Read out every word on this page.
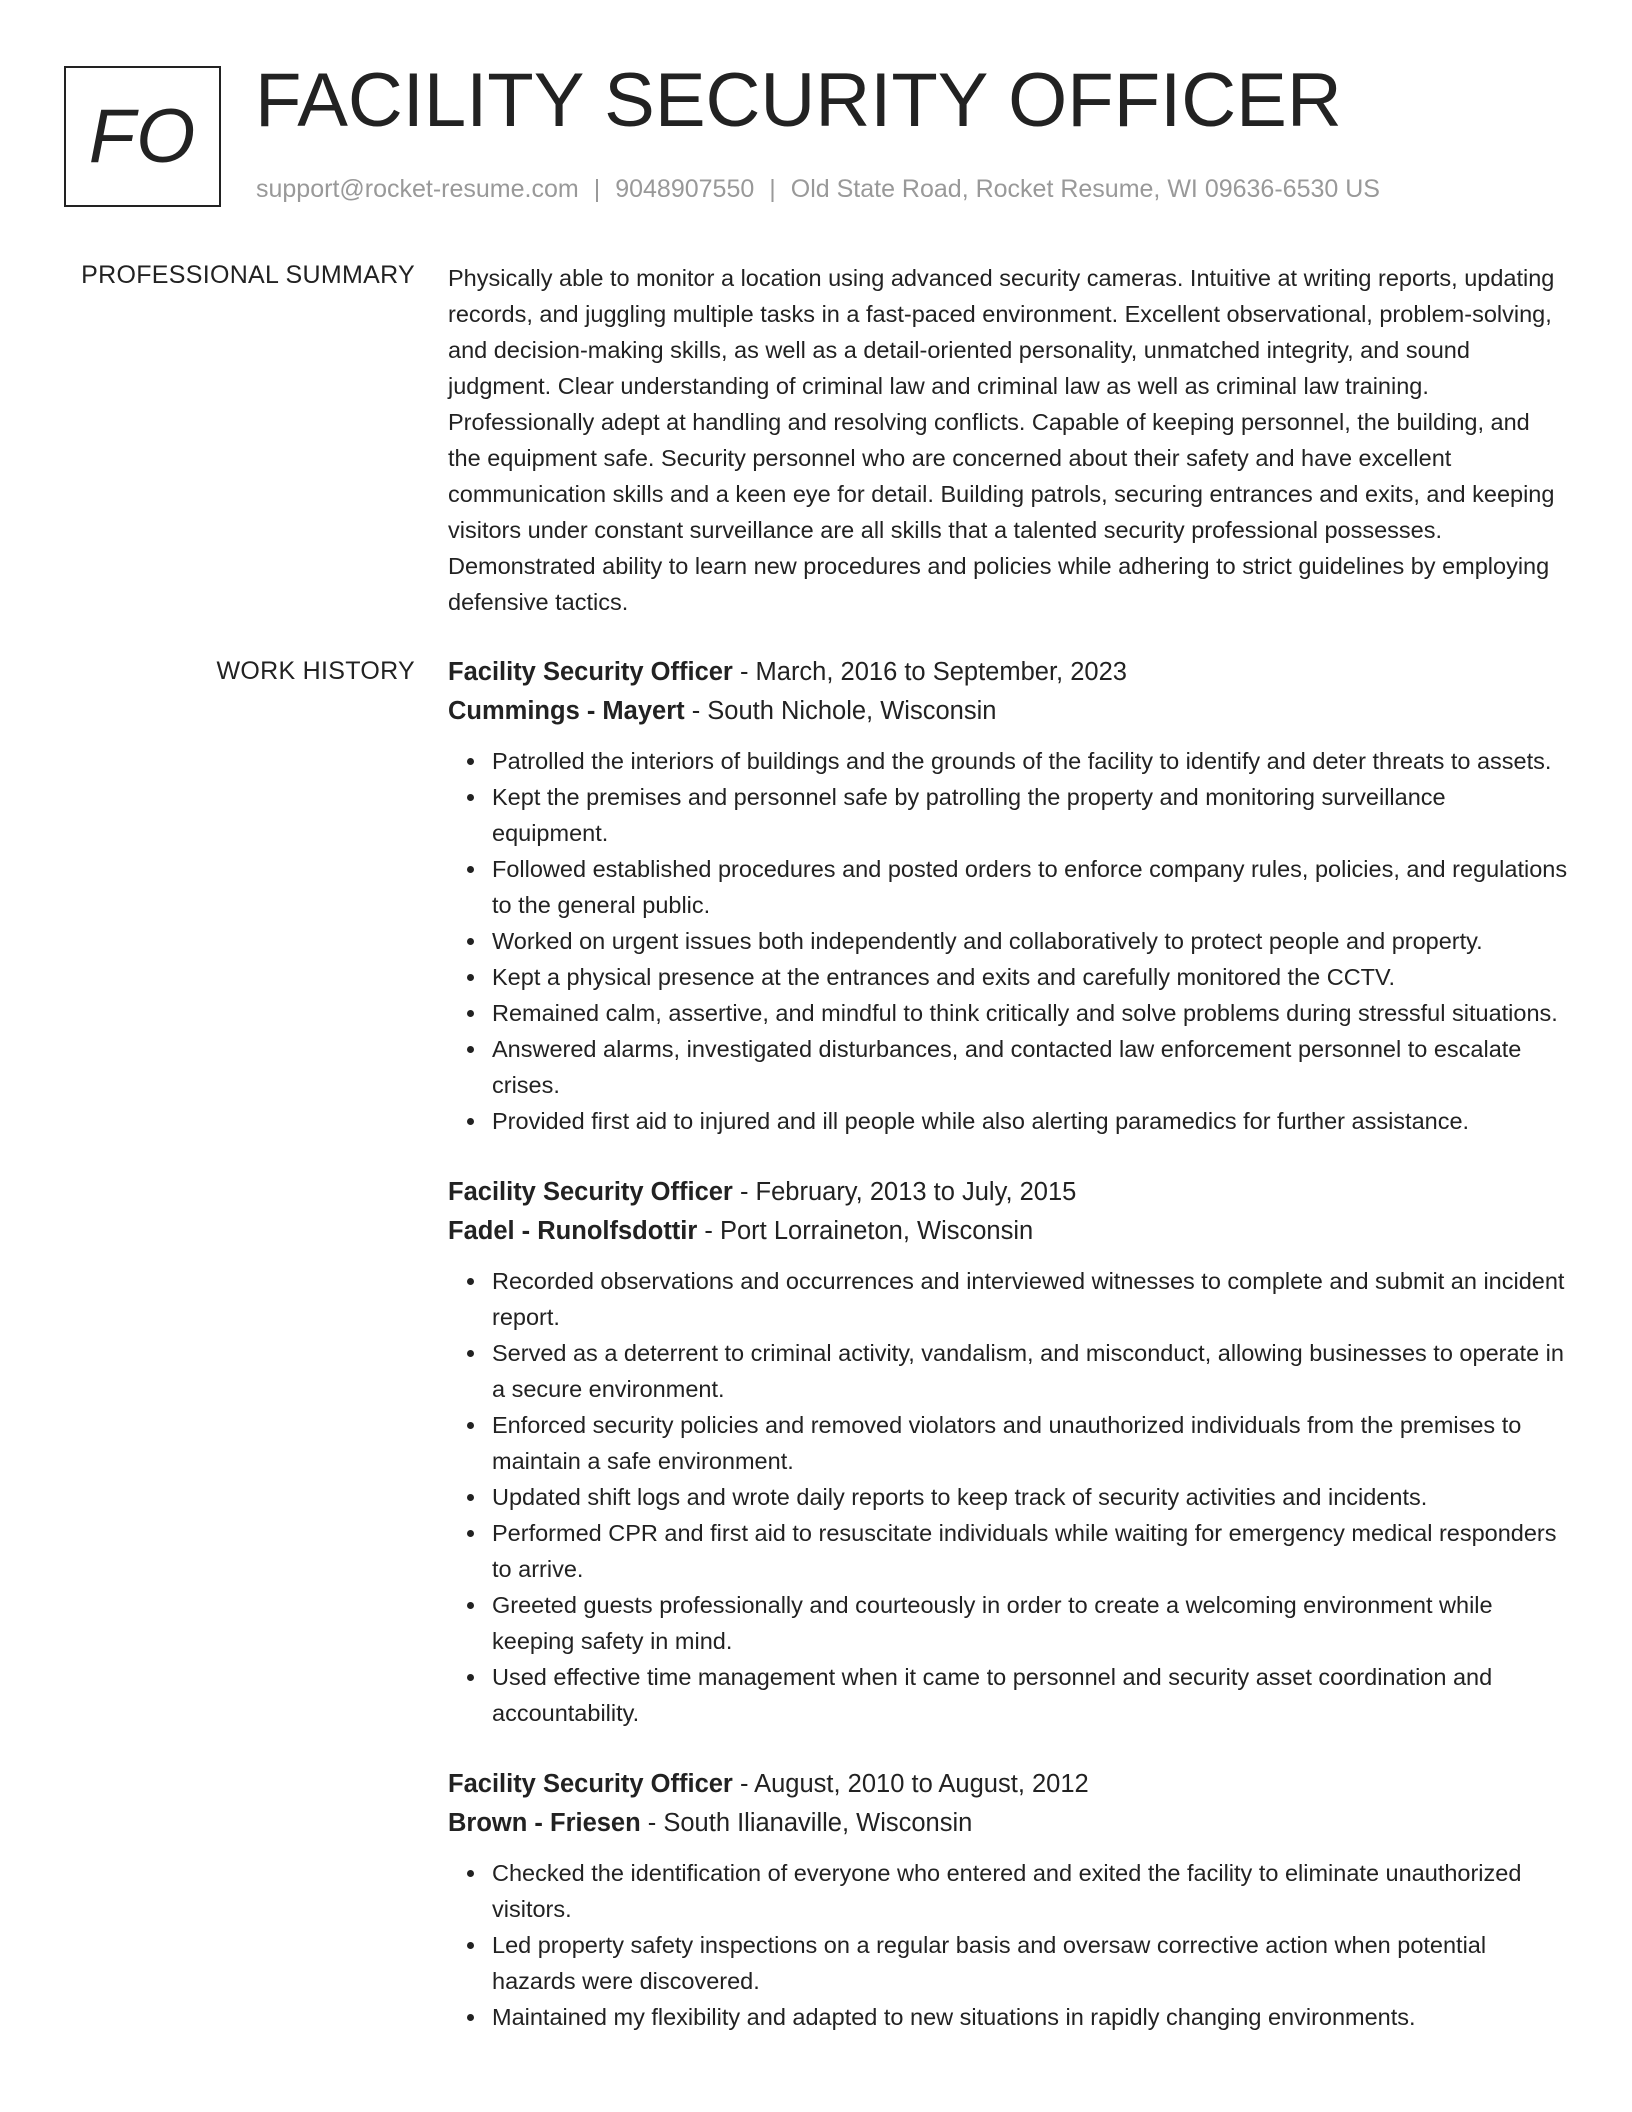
FO FACILITY SECURITY OFFICER
support@rocket-resume.com | 9048907550 | Old State Road, Rocket Resume, WI 09636-6530 US
PROFESSIONAL SUMMARY Physically able to monitor a location using advanced security cameras. Intuitive at writing reports, updating records, and juggling multiple tasks in a fast-paced environment. Excellent observational, problem-solving, and decision-making skills, as well as a detail-oriented personality, unmatched integrity, and sound judgment. Clear understanding of criminal law and criminal law as well as criminal law training. Professionally adept at handling and resolving conflicts. Capable of keeping personnel, the building, and the equipment safe. Security personnel who are concerned about their safety and have excellent communication skills and a keen eye for detail. Building patrols, securing entrances and exits, and keeping visitors under constant surveillance are all skills that a talented security professional possesses. Demonstrated ability to learn new procedures and policies while adhering to strict guidelines by employing defensive tactics.

WORK HISTORY Facility Security Officer - March, 2016 to September, 2023
Cummings - Mayert - South Nichole, Wisconsin
Patrolled the interiors of buildings and the grounds of the facility to identify and deter threats to assets.
Kept the premises and personnel safe by patrolling the property and monitoring surveillance equipment.
Followed established procedures and posted orders to enforce company rules, policies, and regulations to the general public.
Worked on urgent issues both independently and collaboratively to protect people and property.
Kept a physical presence at the entrances and exits and carefully monitored the CCTV.
Remained calm, assertive, and mindful to think critically and solve problems during stressful situations.
Answered alarms, investigated disturbances, and contacted law enforcement personnel to escalate crises.
Provided first aid to injured and ill people while also alerting paramedics for further assistance.
Facility Security Officer - February, 2013 to July, 2015
Fadel - Runolfsdottir - Port Lorraineton, Wisconsin
Recorded observations and occurrences and interviewed witnesses to complete and submit an incident report.
Served as a deterrent to criminal activity, vandalism, and misconduct, allowing businesses to operate in a secure environment.
Enforced security policies and removed violators and unauthorized individuals from the premises to maintain a safe environment.
Updated shift logs and wrote daily reports to keep track of security activities and incidents.
Performed CPR and first aid to resuscitate individuals while waiting for emergency medical responders to arrive.
Greeted guests professionally and courteously in order to create a welcoming environment while keeping safety in mind.
Used effective time management when it came to personnel and security asset coordination and accountability.
Facility Security Officer - August, 2010 to August, 2012
Brown - Friesen - South Ilianaville, Wisconsin
Checked the identification of everyone who entered and exited the facility to eliminate unauthorized visitors.
Led property safety inspections on a regular basis and oversaw corrective action when potential hazards were discovered.
Maintained my flexibility and adapted to new situations in rapidly changing environments.
